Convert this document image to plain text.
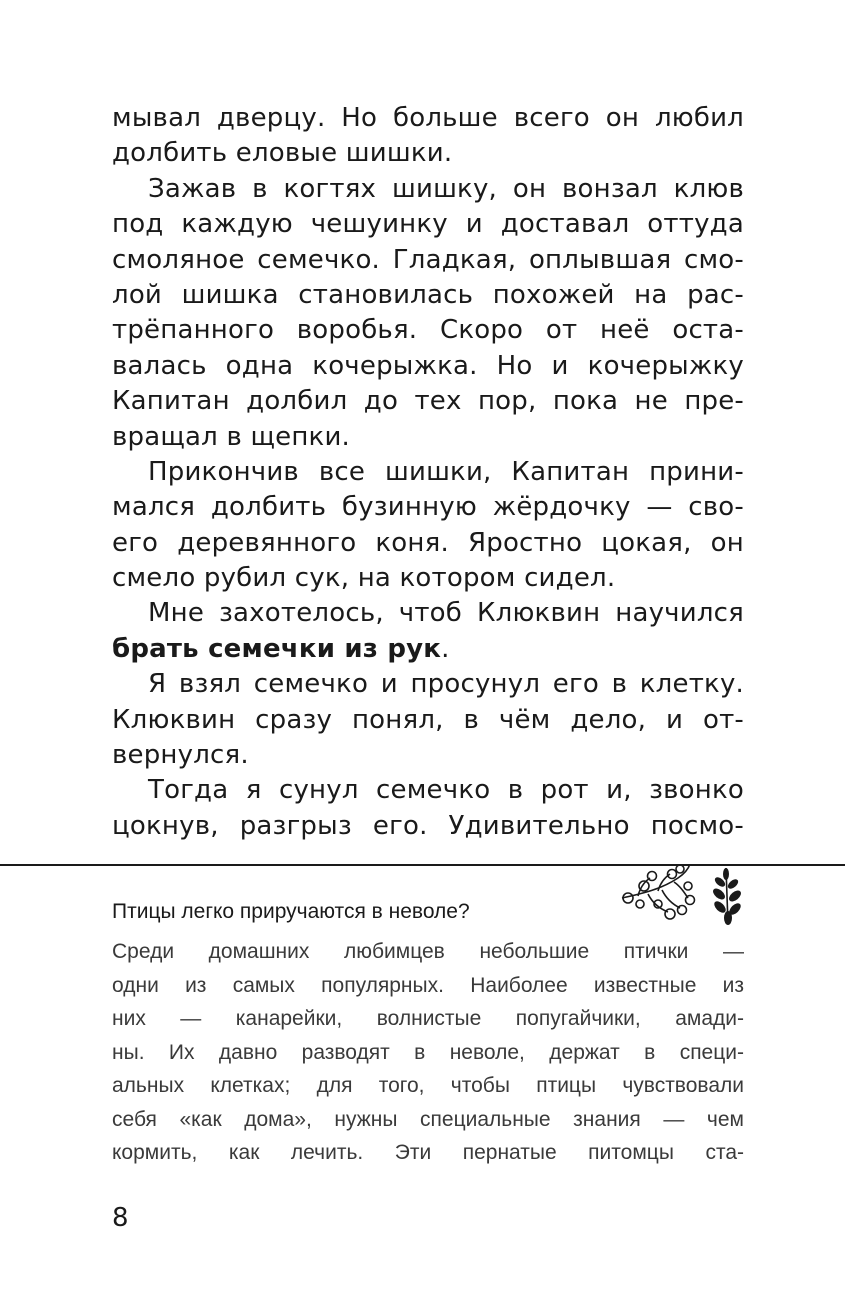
мывал дверцу. Но больше всего он любил
долбить еловые шишки.
Зажав в когтях шишку, он вонзал клюв
под каждую чешуинку и доставал оттуда
смоляное семечко. Гладкая, оплывшая смо-
лой шишка становилась похожей на рас-
трёпанного воробья. Скоро от неё оста-
валась одна кочерыжка. Но и кочерыжку
Капитан долбил до тех пор, пока не пре-
вращал в щепки.
Прикончив все шишки, Капитан прини-
мался долбить бузинную жёрдочку — сво-
его деревянного коня. Яростно цокая, он
смело рубил сук, на котором сидел.
Мне захотелось, чтоб Клюквин научился
брать семечки из рук.
Я взял семечко и просунул его в клетку.
Клюквин сразу понял, в чём дело, и от-
вернулся.
Тогда я сунул семечко в рот и, звонко
цокнув, разгрыз его. Удивительно посмо-
Птицы легко приручаются в неволе?
Среди домашних любимцев небольшие птички —
одни из самых популярных. Наиболее известные из
них — канарейки, волнистые попугайчики, амади-
ны. Их давно разводят в неволе, держат в специ-
альных клетках; для того, чтобы птицы чувствовали
себя «как дома», нужны специальные знания — чем
кормить, как лечить. Эти пернатые питомцы ста-
8
